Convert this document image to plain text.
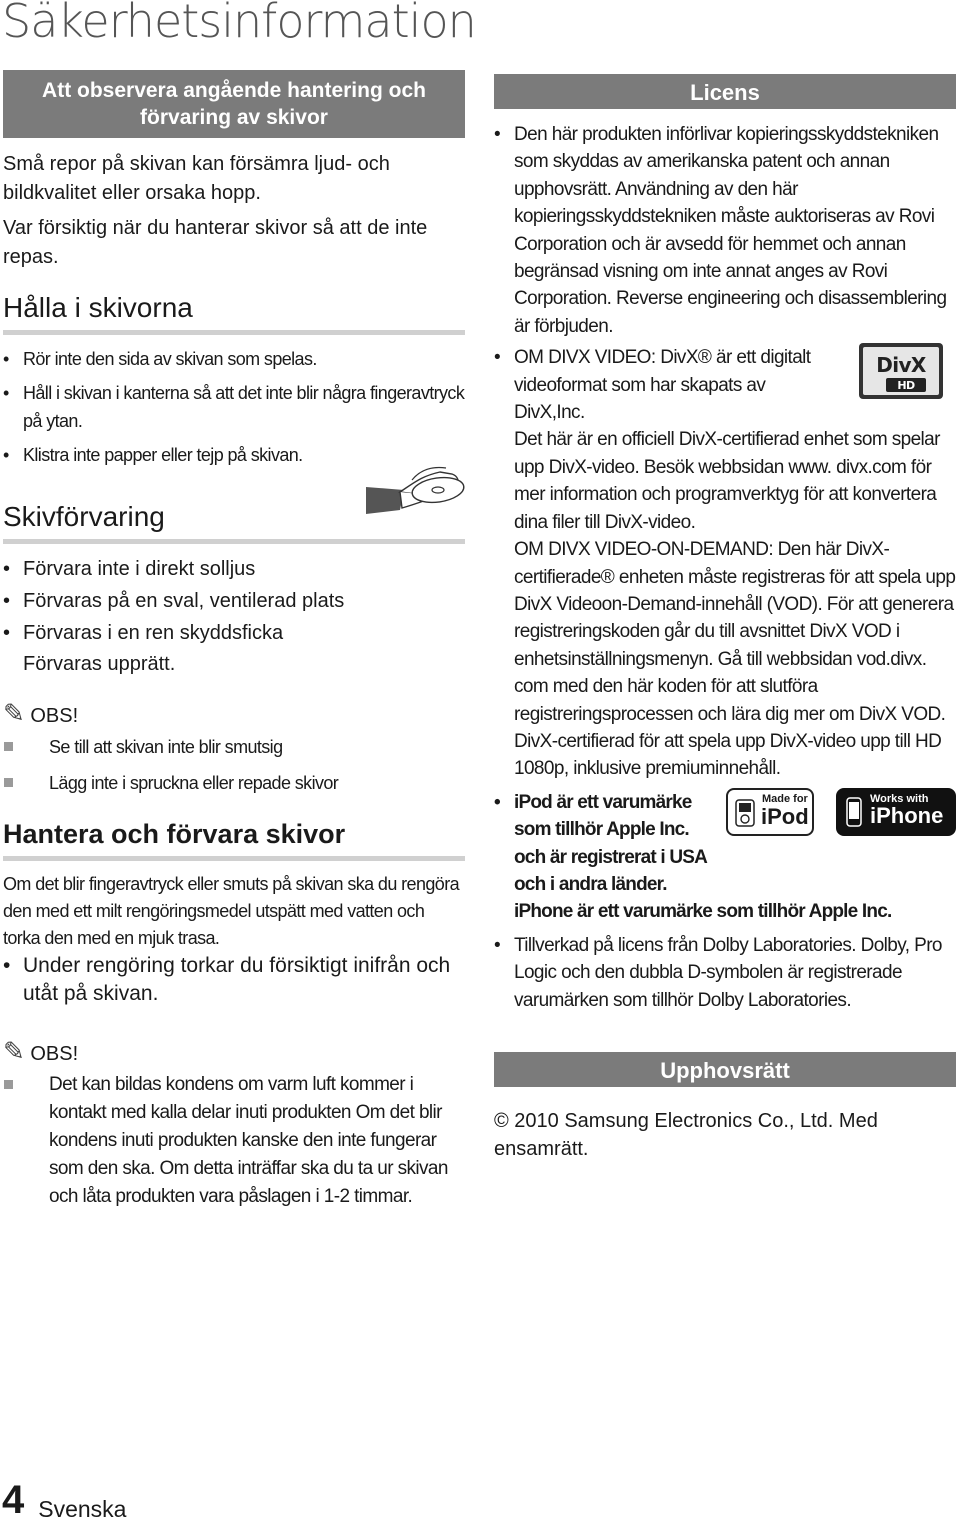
Säkerhetsinformation
Att observera angående hantering och förvaring av skivor

Små repor på skivan kan försämra ljud- och bildkvalitet eller orsaka hopp.

Var försiktig när du hanterar skivor så att de inte repas.

Hålla i skivorna
• Rör inte den sida av skivan som spelas.
• Håll i skivan i kanterna så att det inte blir några fingeravtryck på ytan.
• Klistra inte papper eller tejp på skivan.
Skivförvaring
• Förvara inte i direkt solljus
• Förvaras på en sval, ventilerad plats
• Förvaras i en ren skyddsficka

Förvaras upprätt.

✎ OBS!
Se till att skivan inte blir smutsig
Lägg inte i spruckna eller repade skivor
Hantera och förvara skivor

Om det blir fingeravtryck eller smuts på skivan ska du rengöra den med ett milt rengöringsmedel utspätt med vatten och torka den med en mjuk trasa.

• Under rengöring torkar du försiktigt inifrån och utåt på skivan.
✎ OBS!
Det kan bildas kondens om varm luft kommer i kontakt med kalla delar inuti produkten Om det blir kondens inuti produkten kanske den inte fungerar som den ska. Om detta inträffar ska du ta ur skivan och låta produkten vara påslagen i 1-2 timmar.
Licens
• Den här produkten införlivar kopieringsskyddstekniken som skyddas av amerikanska patent och annan upphovsrätt. Användning av den här kopieringsskyddstekniken måste auktoriseras av Rovi Corporation och är avsedd för hemmet och annan begränsad visning om inte annat anges av Rovi Corporation. Reverse engineering och disassemblering är förbjuden.
• OM DIVX VIDEO: DivX® är ett digitalt videoformat som har skapats av DivX,Inc.
Det här är en officiell DivX-certifierad enhet som spelar upp DivX-video. Besök webbsidan www. divx.com för mer information och programverktyg för att konvertera dina filer till DivX-video.
OM DIVX VIDEO-ON-DEMAND: Den här DivX-certifierade® enheten måste registreras för att spela upp DivX Videoon-Demand-innehåll (VOD). För att generera registreringskoden går du till avsnittet DivX VOD i enhetsinställningsmenyn. Gå till webbsidan vod.divx. com med den här koden för att slutföra registreringsprocessen och lära dig mer om DivX VOD.
DivX-certifierad för att spela upp DivX-video upp till HD 1080p, inklusive premiuminnehåll.
DivX
HD
• iPod är ett varumärke som tillhör Apple Inc. och är registrerat i USA och i andra länder.
iPhone är ett varumärke som tillhör Apple Inc.
Made for
iPod
Works with
iPhone
• Tillverkad på licens från Dolby Laboratories. Dolby, Pro Logic och den dubbla D-symbolen är registrerade varumärken som tillhör Dolby Laboratories.
Upphovsrätt

© 2010 Samsung Electronics Co., Ltd. Med ensamrätt.

4 Svenska
